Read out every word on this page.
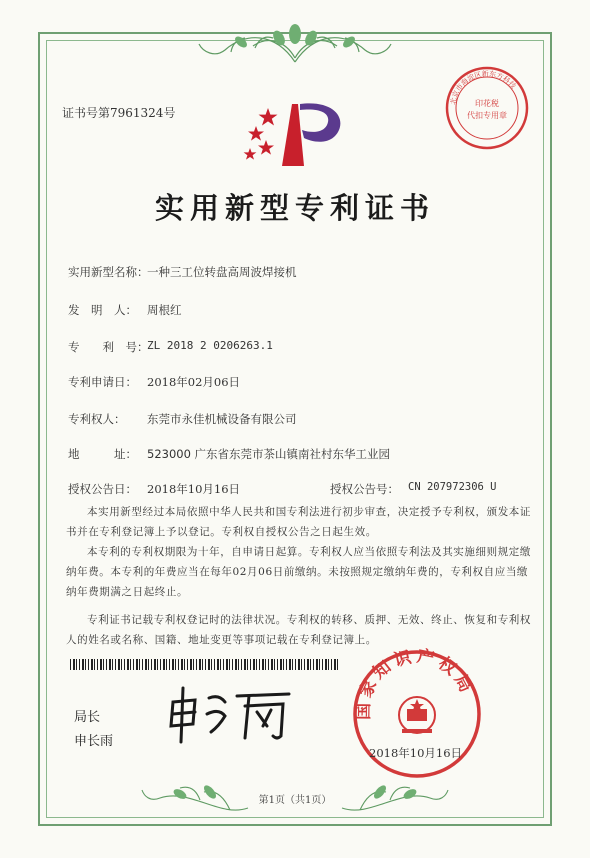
证书号第7961324号
北京市海淀区新东方科技
印花税
代扣专用章
实用新型专利证书
实用新型名称：
一种三工位转盘高周波焊接机
发　明　人： 周根红
专　　利　号：
ZL 2018 2 0206263.1
专利申请日： 2018年02月06日
专利权人： 东莞市永佳机械设备有限公司
地　　　址： 523000 广东省东莞市茶山镇南社村东华工业园
授权公告日： 2018年10月16日	授权公告号： CN 207972306 U

本实用新型经过本局依照中华人民共和国专利法进行初步审查，决定授予专利权，颁发本证书并在专利登记簿上予以登记。专利权自授权公告之日起生效。

本专利的专利权期限为十年，自申请日起算。专利权人应当依照专利法及其实施细则规定缴纳年费。本专利的年费应当在每年02月06日前缴纳。未按照规定缴纳年费的，专利权自应当缴纳年费期满之日起终止。

专利证书记载专利权登记时的法律状况。专利权的转移、质押、无效、终止、恢复和专利权人的姓名或名称、国籍、地址变更等事项记载在专利登记簿上。

局长
申长雨
国家知识产权局
2018年10月16日
第1页（共1页）
